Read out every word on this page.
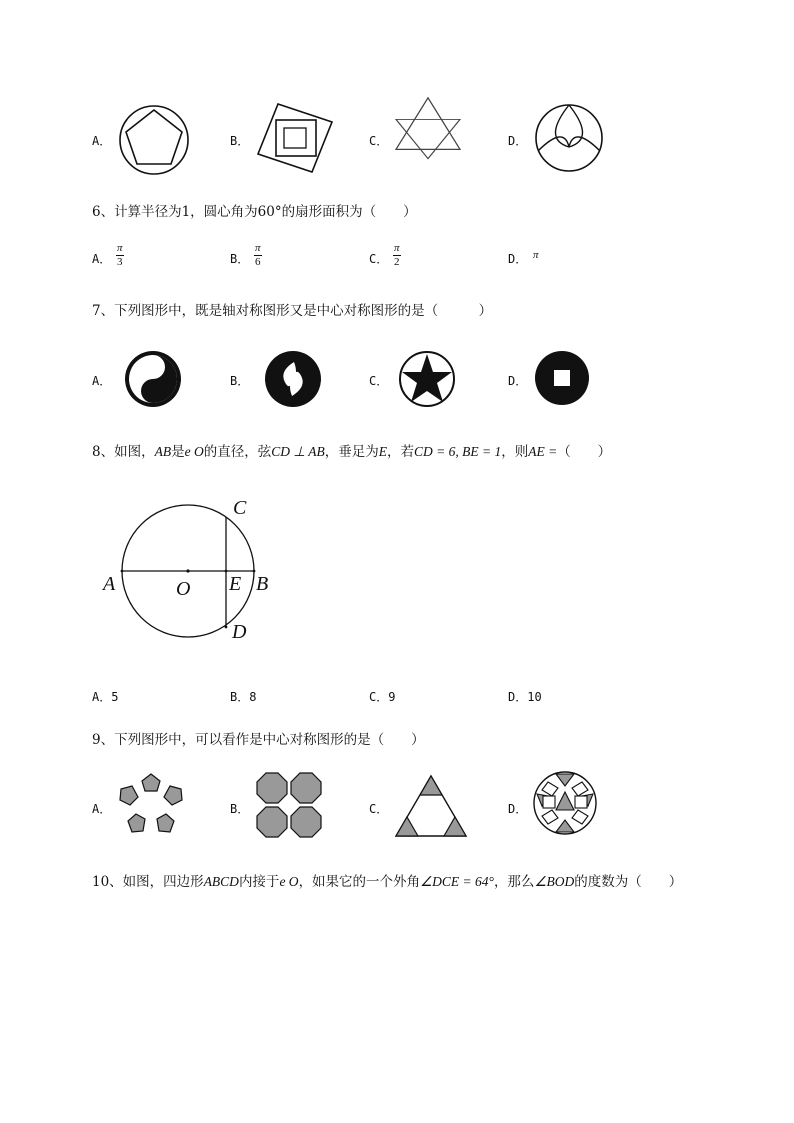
A．	B．	C．	D．
6、计算半径为1，圆心角为60°的扇形面积为（　　）
A． $\frac{\pi}{3}$	B． $\frac{\pi}{6}$	C． $\frac{\pi}{2}$	D． π
7、下列图形中，既是轴对称图形又是中心对称图形的是（　　　）
A．	B．	C．	D．
8、如图，AB是e O的直径，弦CD ⊥ AB，垂足为E，若CD = 6, BE = 1，则AE =（　　）
A	O E B
C
D
A．5	B．8	C．9	D．10
9、下列图形中，可以看作是中心对称图形的是（　　）
A．	B．	C．	D．
10、如图，四边形ABCD内接于e O，如果它的一个外角∠DCE = 64°，那么∠BOD的度数为（　　）
